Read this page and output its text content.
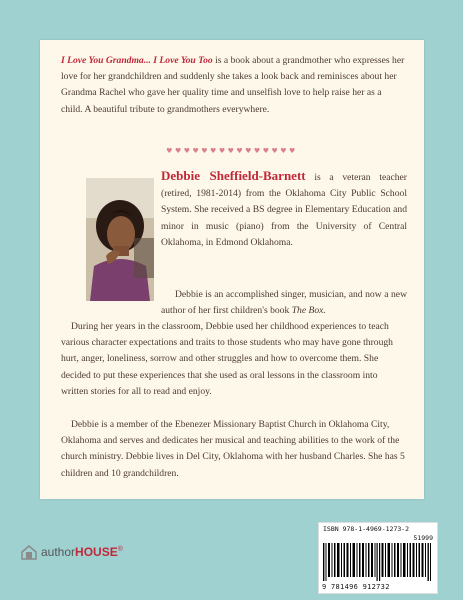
I Love You Grandma... I Love You Too is a book about a grandmother who expresses her love for her grandchildren and suddenly she takes a look back and reminisces about her Grandma Rachel who gave her quality time and unselfish love to help raise her as a child. A beautiful tribute to grandmothers everywhere.

♥♥♥♥♥♥♥♥♥♥♥♥♥♥♥

Debbie Sheffield-Barnett is a veteran teacher (retired, 1981-2014) from the Oklahoma City Public School System. She received a BS degree in Elementary Education and minor in music (piano) from the University of Central Oklahoma, in Edmond Oklahoma.

Debbie is an accomplished singer, musician, and now a new author of her first children's book The Box.

During her years in the classroom, Debbie used her childhood experiences to teach various character expectations and traits to those students who may have gone through hurt, anger, loneliness, sorrow and other struggles and how to overcome them. She decided to put these experiences that she used as oral lessons in the classroom into written stories for all to read and enjoy.

Debbie is a member of the Ebenezer Missionary Baptist Church in Oklahoma City, Oklahoma and serves and dedicates her musical and teaching abilities to the work of the church ministry. Debbie lives in Del City, Oklahoma with her husband Charles. She has 5 children and 10 grandchildren.

authorHOUSE®
ISBN 978-1-4969-1273-2
51999
9 781496 912732
